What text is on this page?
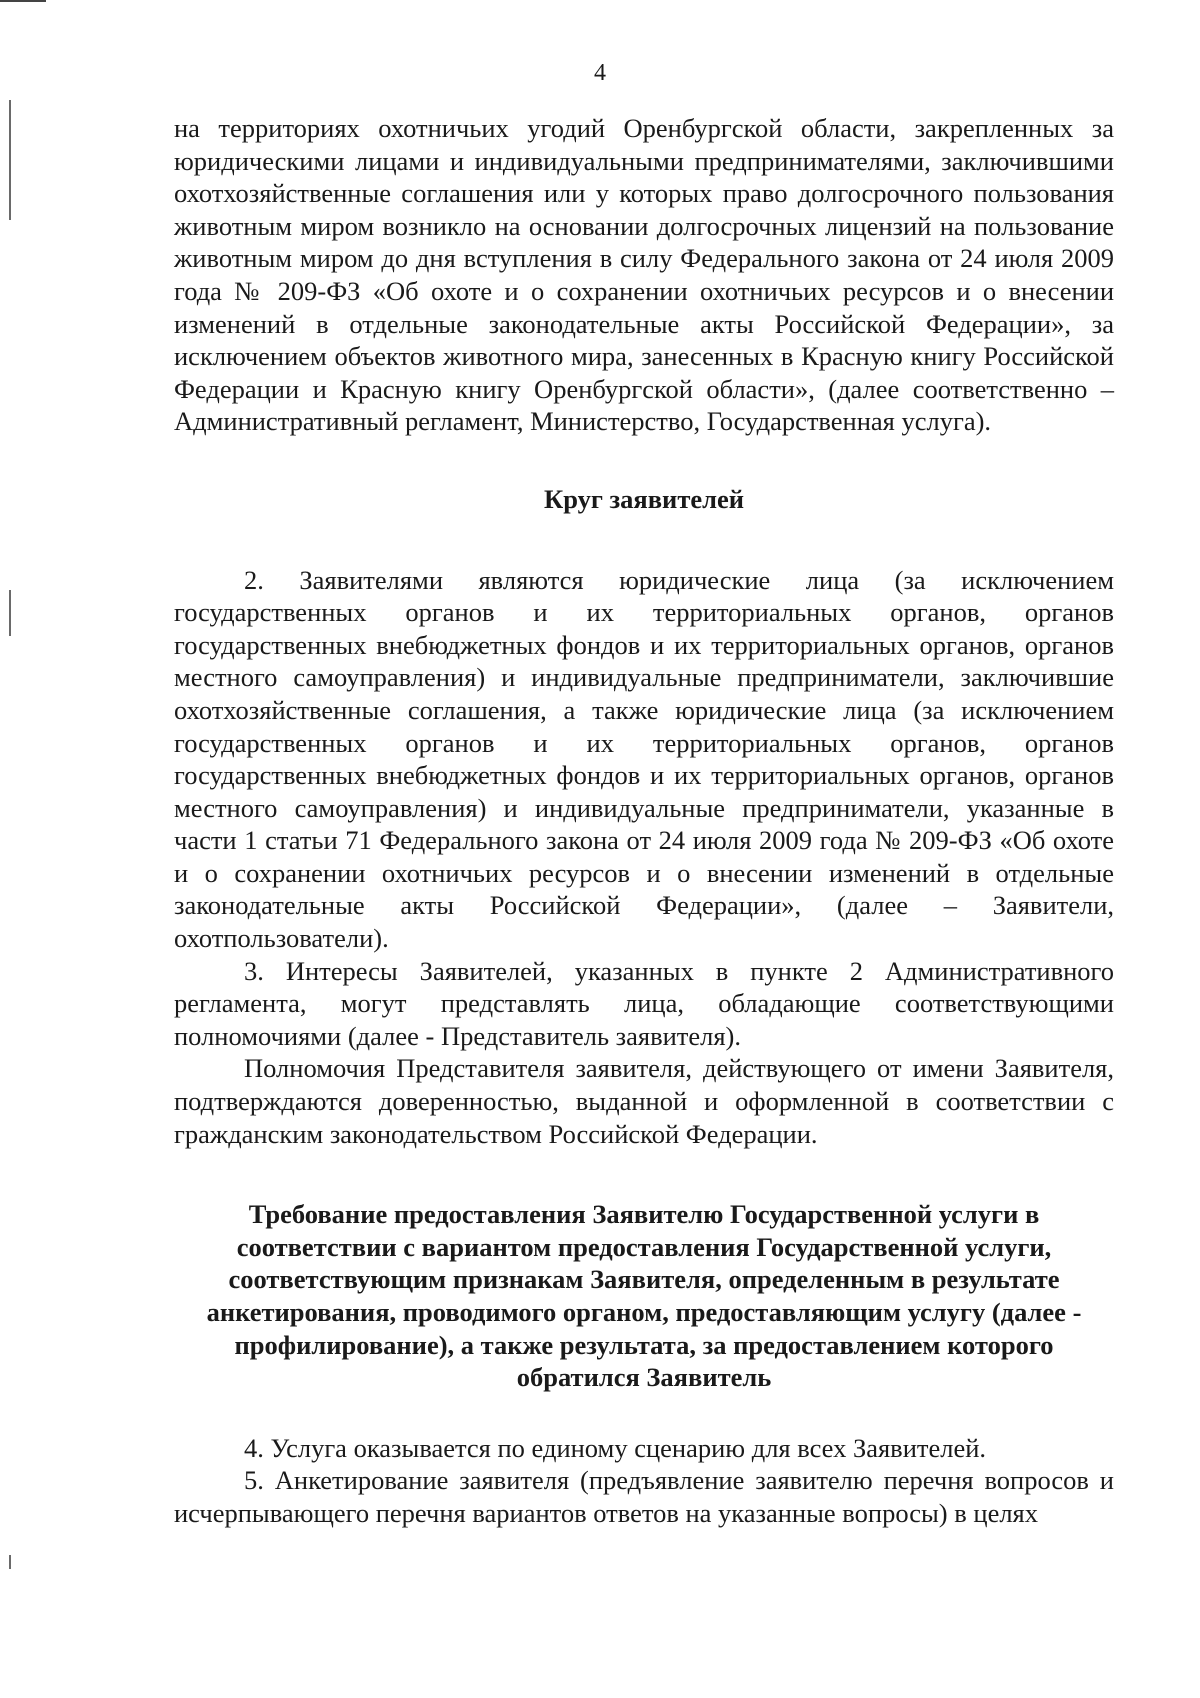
4

на территориях охотничьих угодий Оренбургской области, закрепленных за юридическими лицами и индивидуальными предпринимателями, заключившими охотхозяйственные соглашения или у которых право долгосрочного пользования животным миром возникло на основании долгосрочных лицензий на пользование животным миром до дня вступления в силу Федерального закона от 24 июля 2009 года № 209-ФЗ «Об охоте и о сохранении охотничьих ресурсов и о внесении изменений в отдельные законодательные акты Российской Федерации», за исключением объектов животного мира, занесенных в Красную книгу Российской Федерации и Красную книгу Оренбургской области», (далее соответственно – Административный регламент, Министерство, Государственная услуга).

Круг заявителей

2. Заявителями являются юридические лица (за исключением государственных органов и их территориальных органов, органов государственных внебюджетных фондов и их территориальных органов, органов местного самоуправления) и индивидуальные предприниматели, заключившие охотхозяйственные соглашения, а также юридические лица (за исключением государственных органов и их территориальных органов, органов государственных внебюджетных фондов и их территориальных органов, органов местного самоуправления) и индивидуальные предприниматели, указанные в части 1 статьи 71 Федерального закона от 24 июля 2009 года № 209-ФЗ «Об охоте и о сохранении охотничьих ресурсов и о внесении изменений в отдельные законодательные акты Российской Федерации», (далее – Заявители, охотпользователи).

3. Интересы Заявителей, указанных в пункте 2 Административного регламента, могут представлять лица, обладающие соответствующими полномочиями (далее - Представитель заявителя).

Полномочия Представителя заявителя, действующего от имени Заявителя, подтверждаются доверенностью, выданной и оформленной в соответствии с гражданским законодательством Российской Федерации.

Требование предоставления Заявителю Государственной услуги в
соответствии с вариантом предоставления Государственной услуги,
соответствующим признакам Заявителя, определенным в результате
анкетирования, проводимого органом, предоставляющим услугу (далее -
профилирование), а также результата, за предоставлением которого
обратился Заявитель

4. Услуга оказывается по единому сценарию для всех Заявителей.

5. Анкетирование заявителя (предъявление заявителю перечня вопросов и исчерпывающего перечня вариантов ответов на указанные вопросы) в целях
